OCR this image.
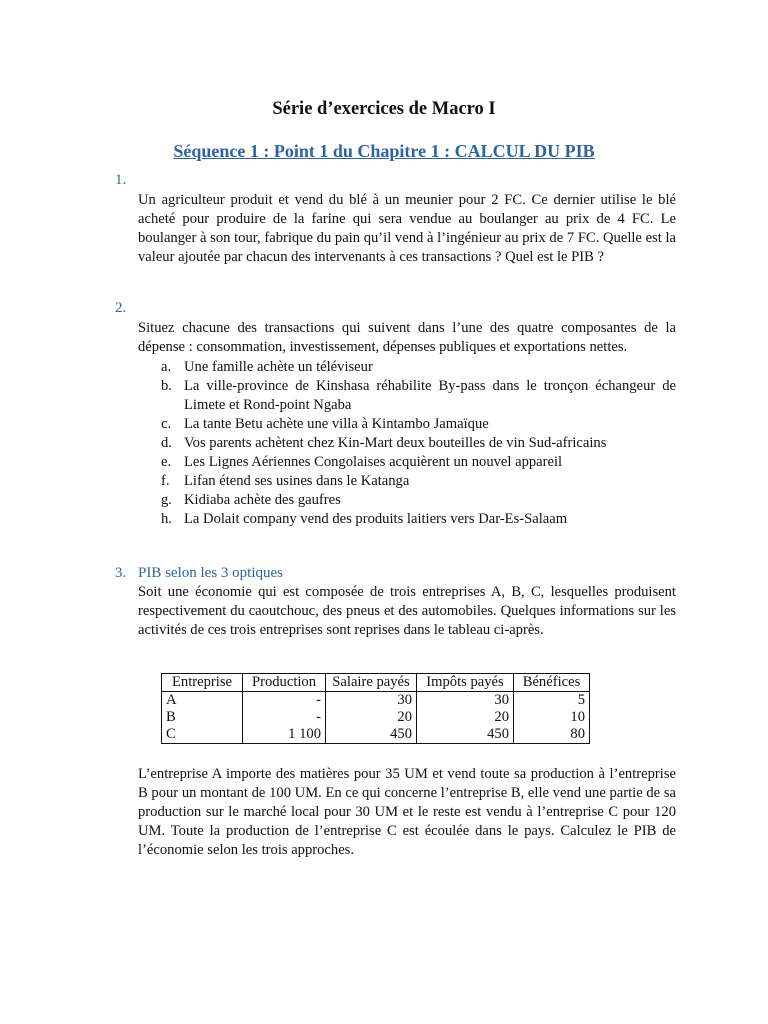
Série d’exercices de Macro I
Séquence 1 : Point 1 du Chapitre 1 : CALCUL DU PIB
1.
Un agriculteur produit et vend du blé à un meunier pour 2 FC. Ce dernier utilise le blé acheté pour produire de la farine qui sera vendue au boulanger au prix de 4 FC. Le boulanger à son tour, fabrique du pain qu’il vend à l’ingénieur au prix de 7 FC. Quelle est la valeur ajoutée par chacun des intervenants à ces transactions ? Quel est le PIB ?
2.
Situez chacune des transactions qui suivent dans l’une des quatre composantes de la dépense : consommation, investissement, dépenses publiques et exportations nettes.
a. Une famille achète un téléviseur
b. La ville-province de Kinshasa réhabilite By-pass dans le tronçon échangeur de Limete et Rond-point Ngaba
c. La tante Betu achète une villa à Kintambo Jamaïque
d. Vos parents achètent chez Kin-Mart deux bouteilles de vin Sud-africains
e. Les Lignes Aériennes Congolaises acquièrent un nouvel appareil
f. Lifan étend ses usines dans le Katanga
g. Kidiaba achète des gaufres
h. La Dolait company vend des produits laitiers vers Dar-Es-Salaam
3. PIB selon les 3 optiques
Soit une économie qui est composée de trois entreprises A, B, C, lesquelles produisent respectivement du caoutchouc, des pneus et des automobiles. Quelques informations sur les activités de ces trois entreprises sont reprises dans le tableau ci-après.
Entreprise	Production	Salaire payés	Impôts payés	Bénéfices
A	-	30	30	5
B	-	20	20	10
C	1 100	450	450	80
L’entreprise A importe des matières pour 35 UM et vend toute sa production à l’entreprise B pour un montant de 100 UM. En ce qui concerne l’entreprise B, elle vend une partie de sa production sur le marché local pour 30 UM et le reste est vendu à l’entreprise C pour 120 UM. Toute la production de l’entreprise C est écoulée dans le pays. Calculez le PIB de l’économie selon les trois approches.
